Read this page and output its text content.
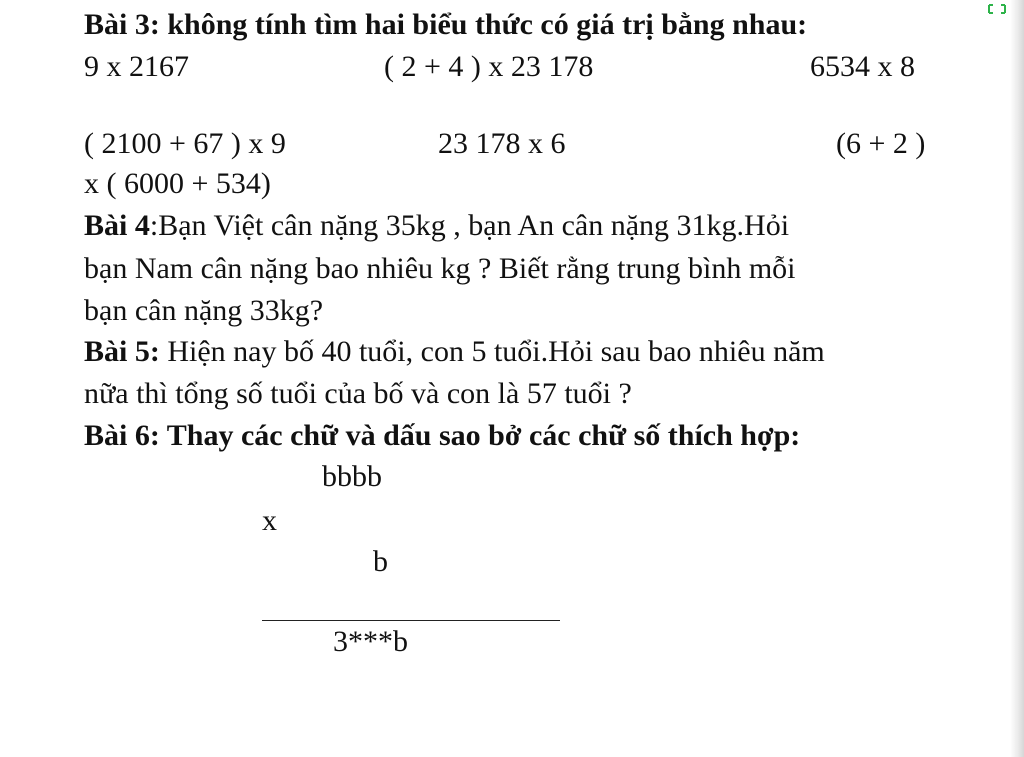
Bài 3: không tính tìm hai biểu thức có giá trị bằng nhau:
9 x 2167	( 2 + 4 ) x 23 178	6534 x 8
( 2100 + 67 ) x 9	23 178 x 6	(6 + 2 )
x ( 6000 + 534)
Bài 4:Bạn Việt cân nặng 35kg , bạn An cân nặng 31kg.Hỏi
bạn Nam cân nặng bao nhiêu kg ? Biết rằng trung bình mỗi
bạn cân nặng 33kg?
Bài 5: Hiện nay bố 40 tuổi, con 5 tuổi.Hỏi sau bao nhiêu năm
nữa thì tổng số tuổi của bố và con là 57 tuổi ?
Bài 6: Thay các chữ và dấu sao bở các chữ số thích hợp:
bbbb
x
b
3***b
